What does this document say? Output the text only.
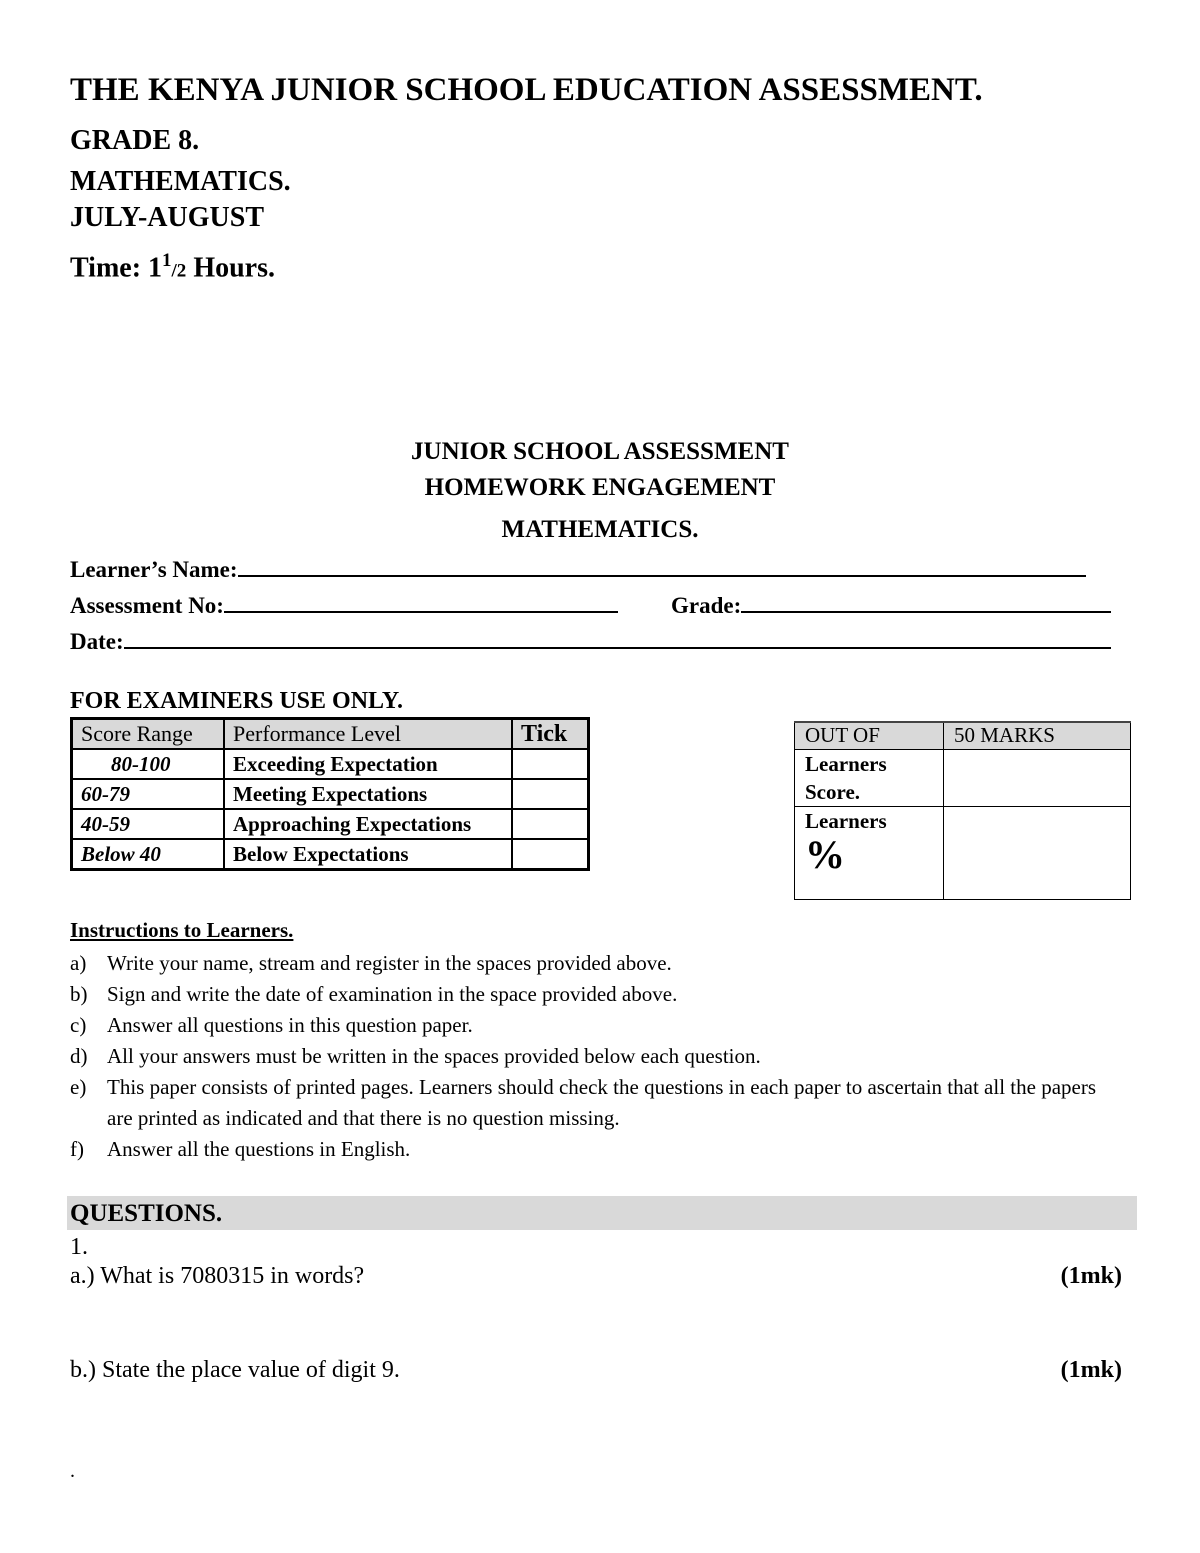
THE KENYA JUNIOR SCHOOL EDUCATION ASSESSMENT.
GRADE 8.
MATHEMATICS.
JULY-AUGUST
Time: $1^1/2$ Hours.
JUNIOR SCHOOL ASSESSMENT
HOMEWORK ENGAGEMENT
MATHEMATICS.
Learner’s Name:
Assessment No:	Grade:
Date:
FOR EXAMINERS USE ONLY.
Score Range	Performance Level	Tick
80-100	Exceeding Expectation	
60-79	Meeting Expectations	
40-59	Approaching Expectations	
Below 40	Below Expectations	
OUT OF	50 MARKS
Learners
Score.	
Learners
%	

Instructions to Learners.
a) Write your name, stream and register in the spaces provided above.
b) Sign and write the date of examination in the space provided above.
c) Answer all questions in this question paper.
d) All your answers must be written in the spaces provided below each question.
e) This paper consists of printed pages. Learners should check the questions in each paper to ascertain that all the papers are printed as indicated and that there is no question missing.
f) Answer all the questions in English.
QUESTIONS.
1.
a.) What is 7080315 in words?	(1mk)
b.) State the place value of digit 9.	(1mk)
.
